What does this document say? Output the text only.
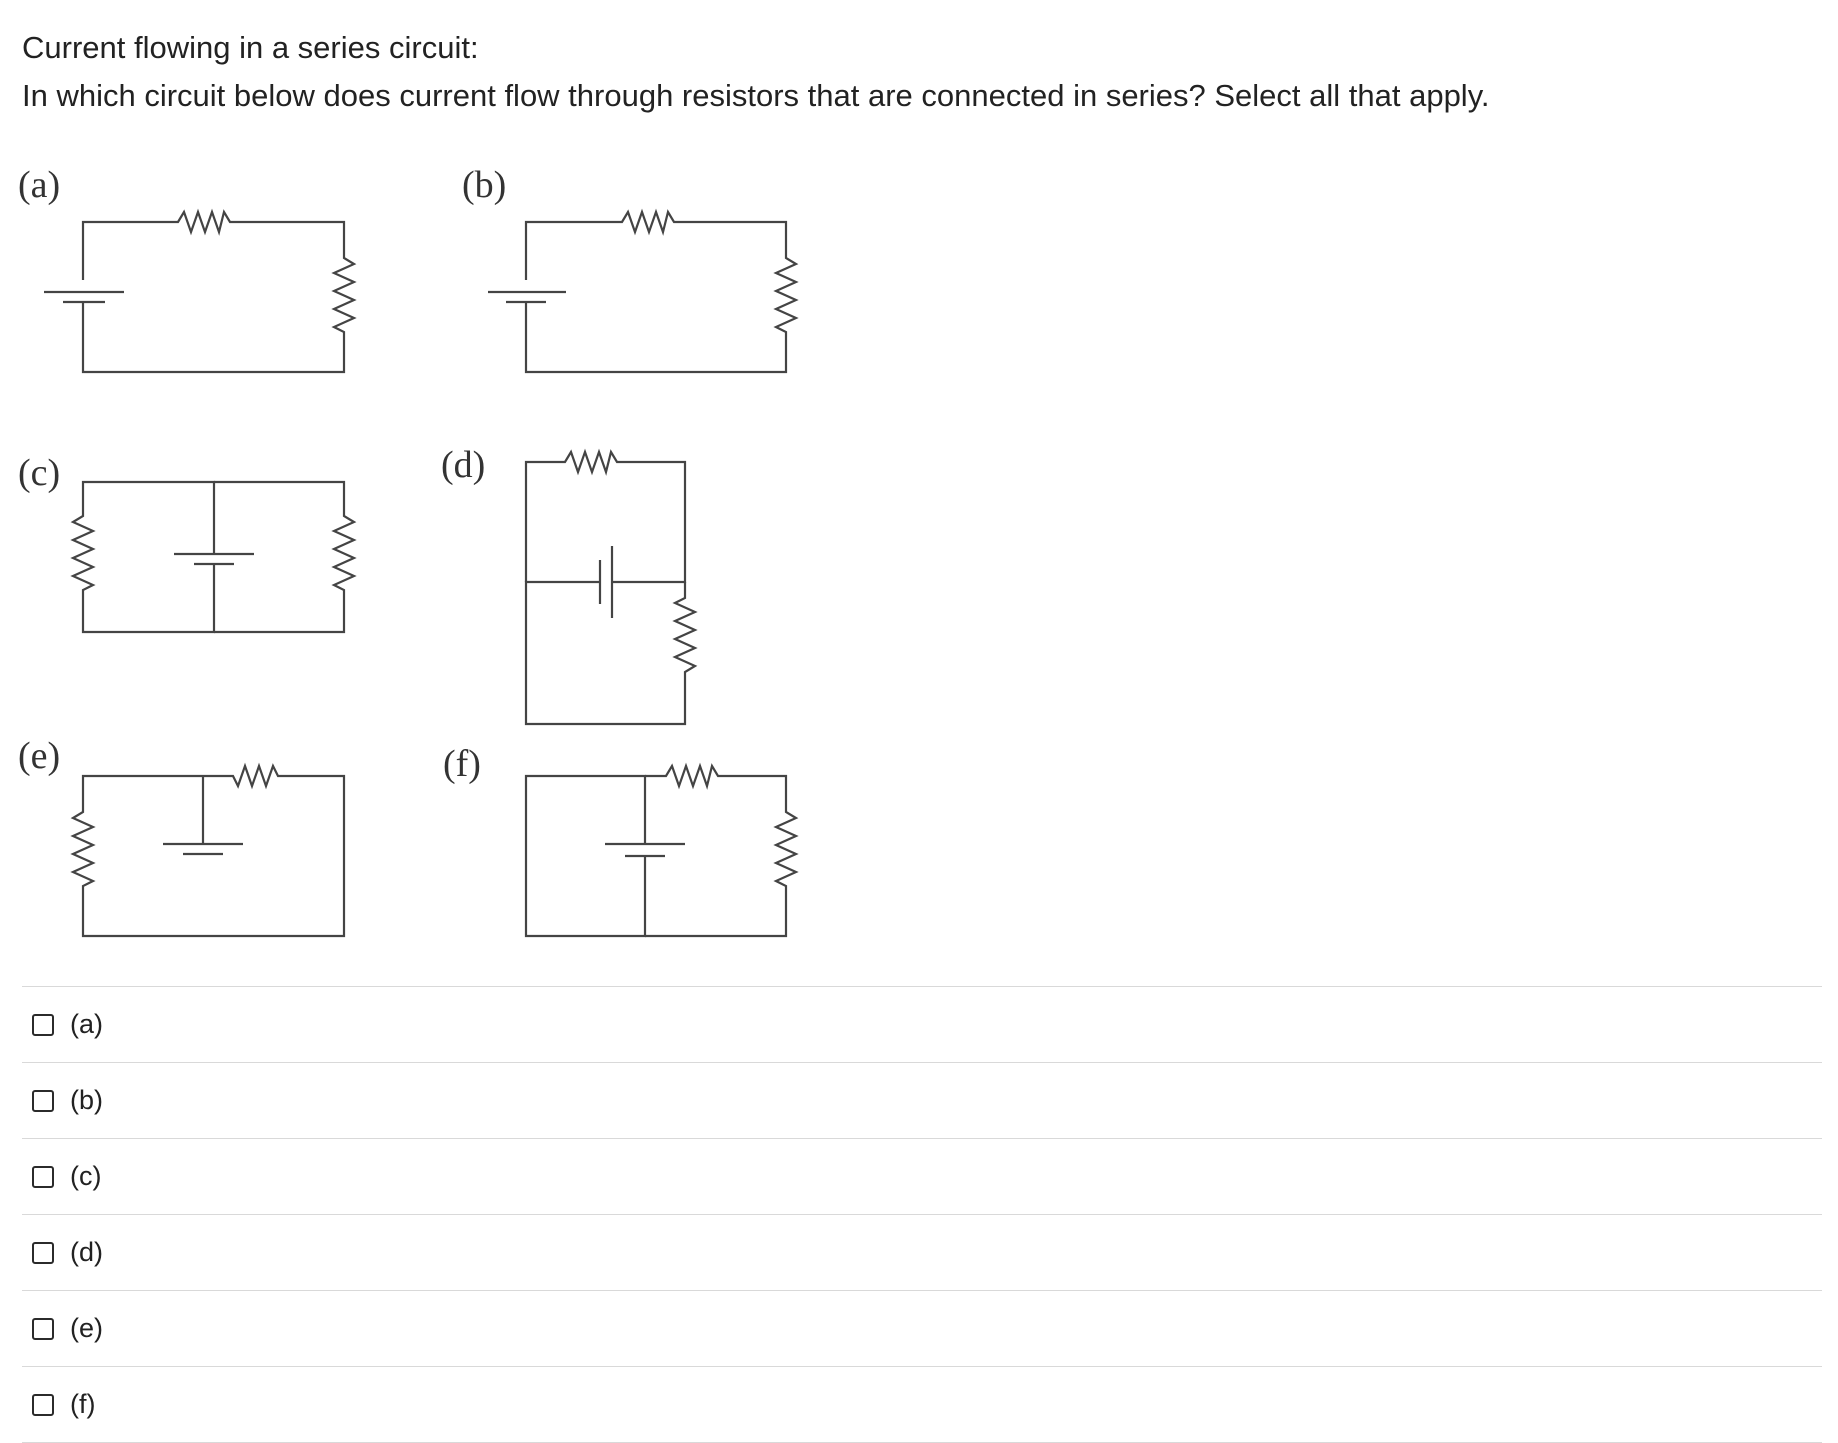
Current flowing in a series circuit:
In which circuit below does current flow through resistors that are connected in series? Select all that apply.
(a)	(b)
(c)	(d)
(e)	(f)
(a)
(b)
(c)
(d)
(e)
(f)
